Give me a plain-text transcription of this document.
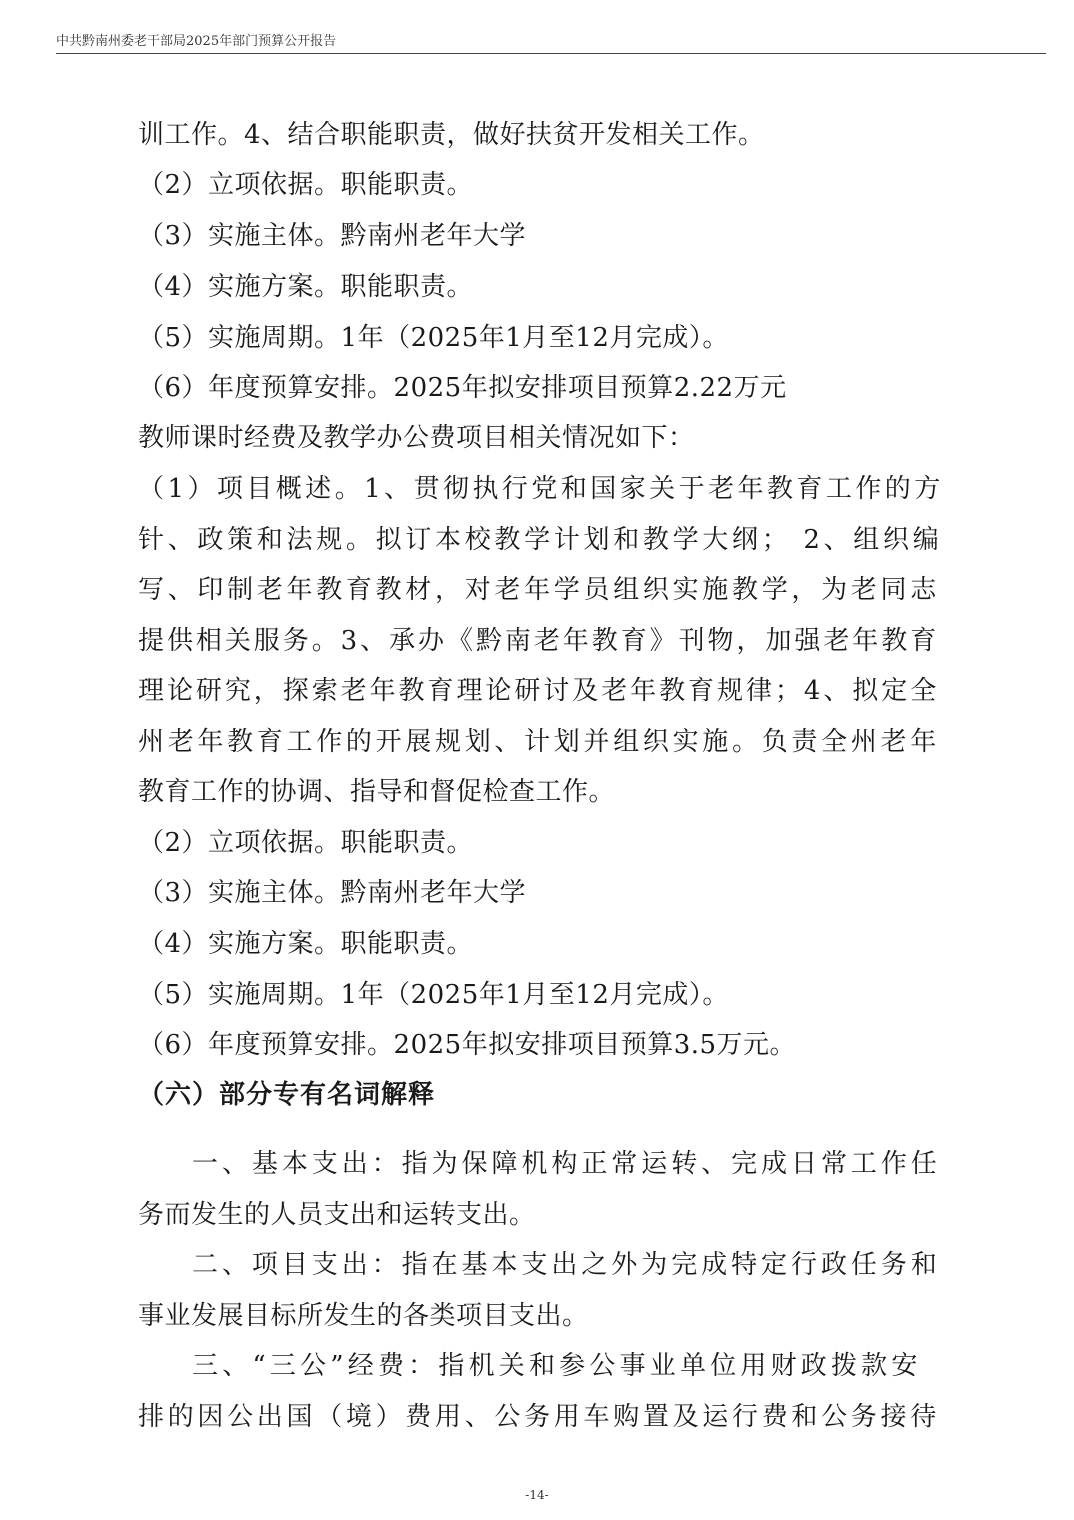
中共黔南州委老干部局2025年部门预算公开报告
训工作。4、结合职能职责，做好扶贫开发相关工作。
（2）立项依据。职能职责。
（3）实施主体。黔南州老年大学
（4）实施方案。职能职责。
（5）实施周期。1年（2025年1月至12月完成）。
（6）年度预算安排。2025年拟安排项目预算2.22万元
教师课时经费及教学办公费项目相关情况如下：
（1）项目概述。1、贯彻执行党和国家关于老年教育工作的方
针、政策和法规。拟订本校教学计划和教学大纲； 2、组织编
写、印制老年教育教材，对老年学员组织实施教学，为老同志
提供相关服务。3、承办《黔南老年教育》刊物，加强老年教育
理论研究，探索老年教育理论研讨及老年教育规律；4、拟定全
州老年教育工作的开展规划、计划并组织实施。负责全州老年
教育工作的协调、指导和督促检查工作。
（2）立项依据。职能职责。
（3）实施主体。黔南州老年大学
（4）实施方案。职能职责。
（5）实施周期。1年（2025年1月至12月完成）。
（6）年度预算安排。2025年拟安排项目预算3.5万元。
（六）部分专有名词解释
一、基本支出：指为保障机构正常运转、完成日常工作任
务而发生的人员支出和运转支出。
二、项目支出：指在基本支出之外为完成特定行政任务和
事业发展目标所发生的各类项目支出。
三、“三公”经费：指机关和参公事业单位用财政拨款安
排的因公出国（境）费用、公务用车购置及运行费和公务接待
-14-
